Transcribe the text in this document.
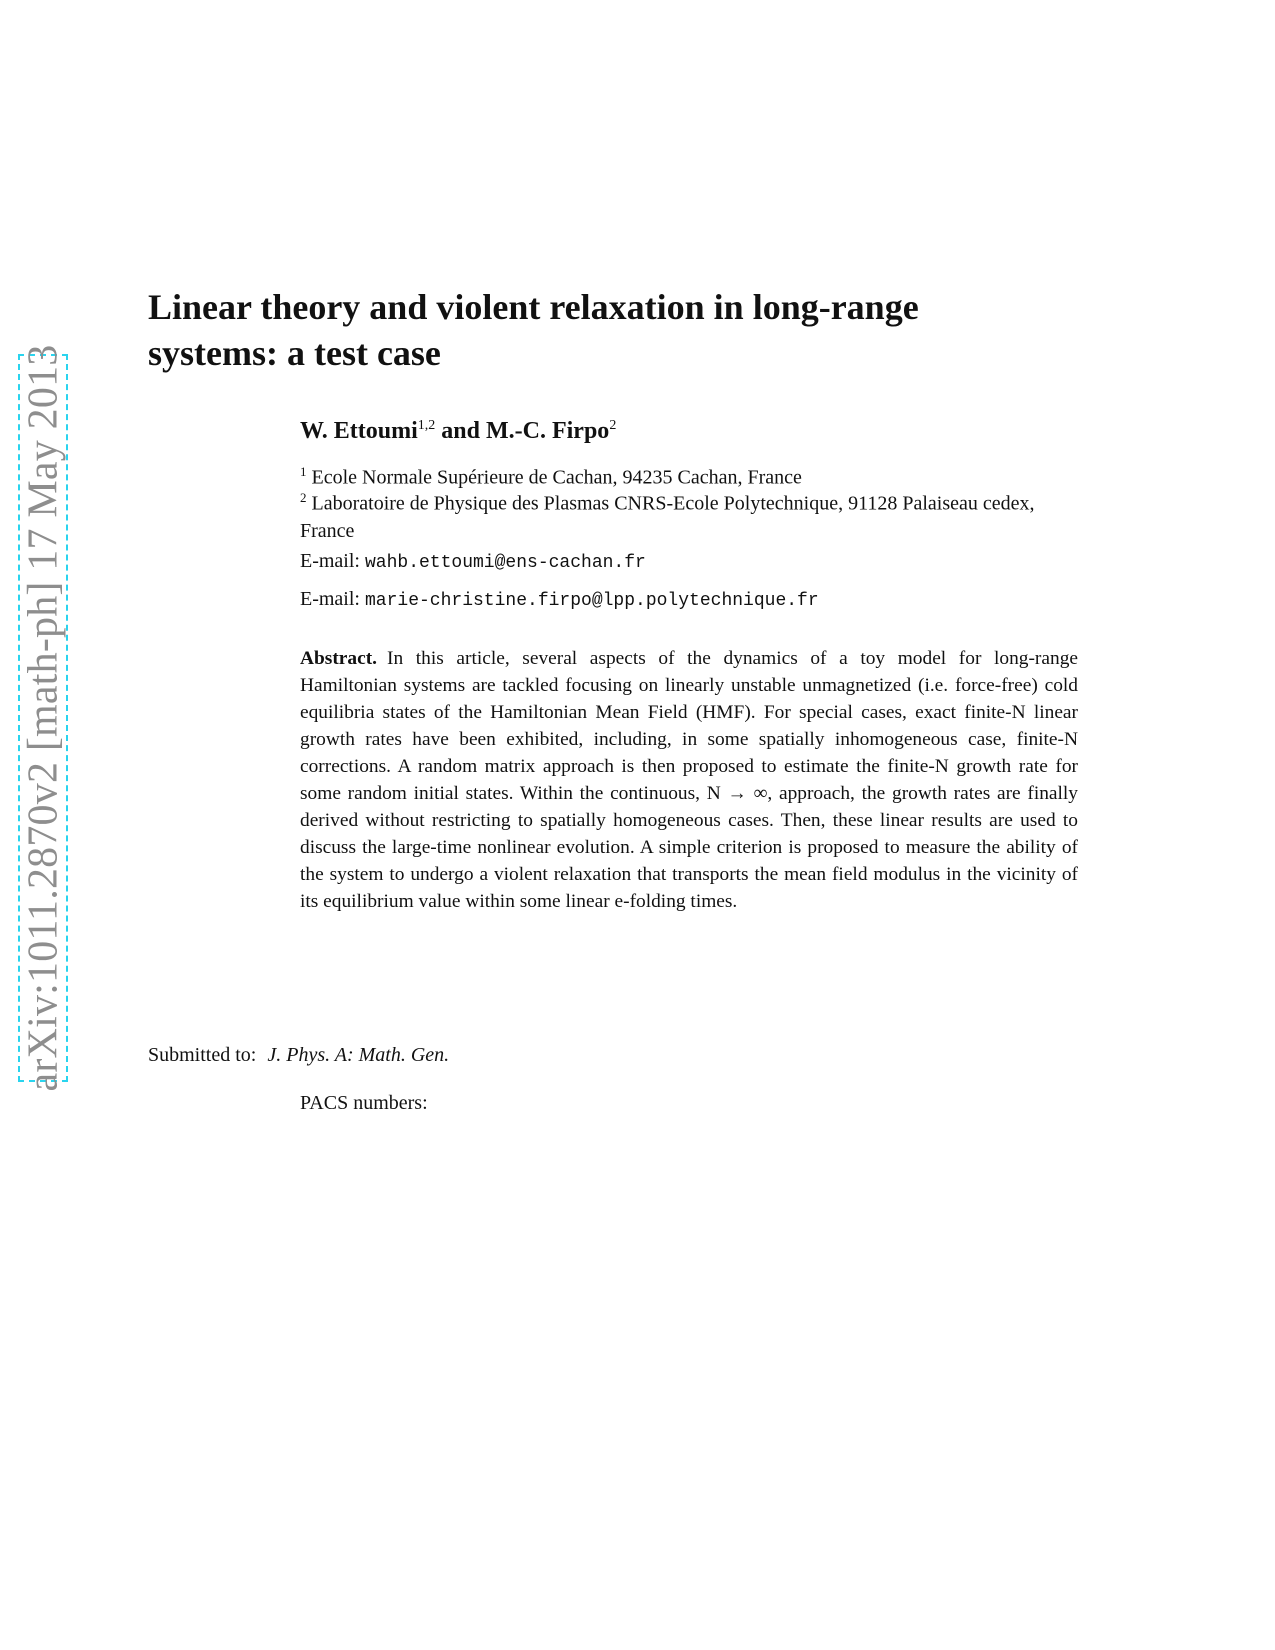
arXiv:1011.2870v2 [math-ph] 17 May 2013
Linear theory and violent relaxation in long-range systems: a test case

W. Ettoumi$^{1,2}$ and M.-C. Firpo$^2$

$^1$ Ecole Normale Supérieure de Cachan, 94235 Cachan, France

$^2$ Laboratoire de Physique des Plasmas CNRS-Ecole Polytechnique, 91128 Palaiseau cedex, France

E-mail: wahb.ettoumi@ens-cachan.fr

E-mail: marie-christine.firpo@lpp.polytechnique.fr

Abstract. In this article, several aspects of the dynamics of a toy model for long-range Hamiltonian systems are tackled focusing on linearly unstable unmagnetized (i.e. force-free) cold equilibria states of the Hamiltonian Mean Field (HMF). For special cases, exact finite-N linear growth rates have been exhibited, including, in some spatially inhomogeneous case, finite-N corrections. A random matrix approach is then proposed to estimate the finite-N growth rate for some random initial states. Within the continuous, N → ∞, approach, the growth rates are finally derived without restricting to spatially homogeneous cases. Then, these linear results are used to discuss the large-time nonlinear evolution. A simple criterion is proposed to measure the ability of the system to undergo a violent relaxation that transports the mean field modulus in the vicinity of its equilibrium value within some linear e-folding times.

Submitted to: J. Phys. A: Math. Gen.

PACS numbers:
